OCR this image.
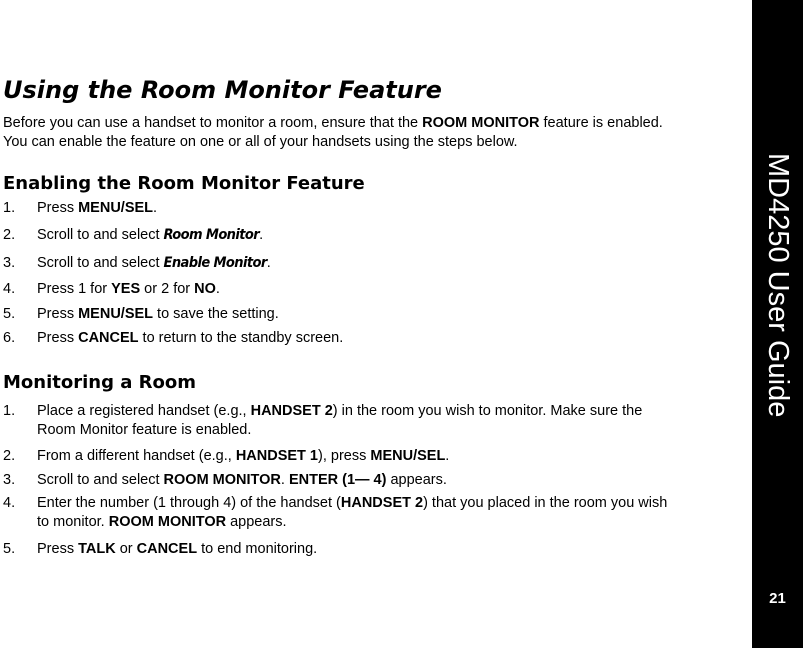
Using the Room Monitor Feature

Before you can use a handset to monitor a room, ensure that the ROOM MONITOR feature is enabled. You can enable the feature on one or all of your handsets using the steps below.

Enabling the Room Monitor Feature
1. Press MENU/SEL.
2. Scroll to and select Room Monitor.
3. Scroll to and select Enable Monitor.
4. Press 1 for YES or 2 for NO.
5. Press MENU/SEL to save the setting.
6. Press CANCEL to return to the standby screen.
Monitoring a Room
1. Place a registered handset (e.g., HANDSET 2) in the room you wish to monitor. Make sure the Room Monitor feature is enabled.
2. From a different handset (e.g., HANDSET 1), press MENU/SEL.
3. Scroll to and select ROOM MONITOR. ENTER (1— 4) appears.
4. Enter the number (1 through 4) of the handset (HANDSET 2) that you placed in the room you wish to monitor. ROOM MONITOR appears.
5. Press TALK or CANCEL to end monitoring.
MD4250 User Guide
21
